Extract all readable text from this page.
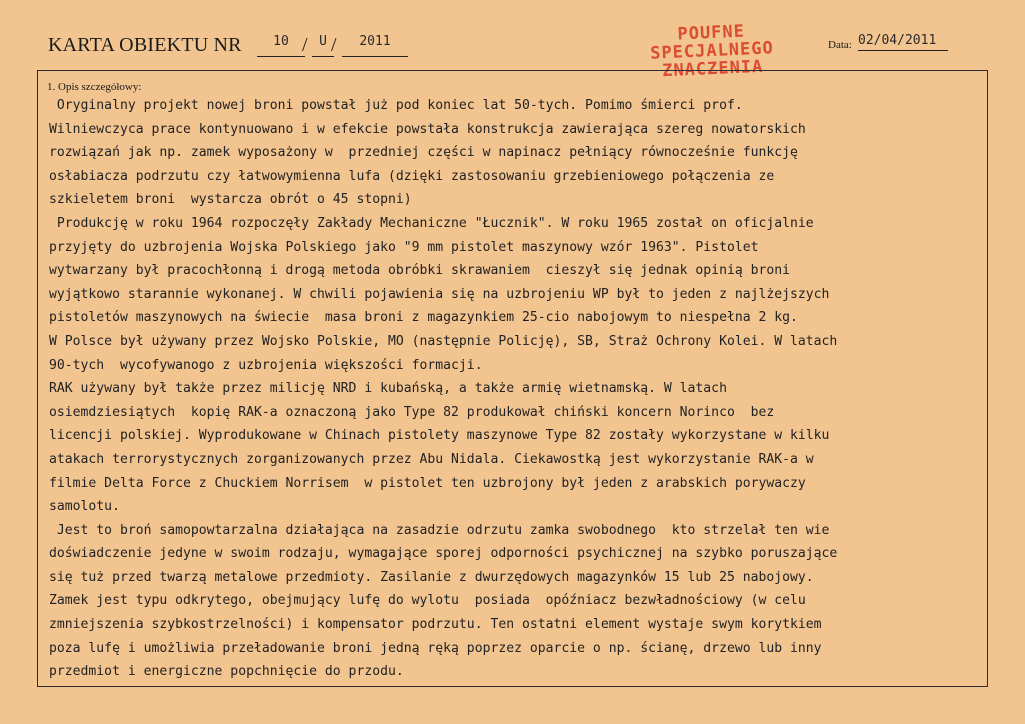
KARTA OBIEKTU NR	10 / U /	2011	POUFNE
SPECJALNEGO
ZNACZENIA
Data: 02/04/2011
1. Opis szczegółowy:
Oryginalny projekt nowej broni powstał już pod koniec lat 50-tych. Pomimo śmierci prof.
Wilniewczyca prace kontynuowano i w efekcie powstała konstrukcja zawierająca szereg nowatorskich
rozwiązań jak np. zamek wyposażony w  przedniej części w napinacz pełniący równocześnie funkcję
osłabiacza podrzutu czy łatwowymienna lufa (dzięki zastosowaniu grzebieniowego połączenia ze
szkieletem broni  wystarcza obrót o 45 stopni)
Produkcję w roku 1964 rozpoczęły Zakłady Mechaniczne "Łucznik". W roku 1965 został on oficjalnie
przyjęty do uzbrojenia Wojska Polskiego jako "9 mm pistolet maszynowy wzór 1963". Pistolet
wytwarzany był pracochłonną i drogą metoda obróbki skrawaniem  cieszył się jednak opinią broni
wyjątkowo starannie wykonanej. W chwili pojawienia się na uzbrojeniu WP był to jeden z najlżejszych
pistoletów maszynowych na świecie  masa broni z magazynkiem 25-cio nabojowym to niespełna 2 kg.
W Polsce był używany przez Wojsko Polskie, MO (następnie Policję), SB, Straż Ochrony Kolei. W latach
90-tych  wycofywanogo z uzbrojenia większości formacji.
RAK używany był także przez milicję NRD i kubańską, a także armię wietnamską. W latach
osiemdziesiątych  kopię RAK-a oznaczoną jako Type 82 produkował chiński koncern Norinco  bez
licencji polskiej. Wyprodukowane w Chinach pistolety maszynowe Type 82 zostały wykorzystane w kilku
atakach terrorystycznych zorganizowanych przez Abu Nidala. Ciekawostką jest wykorzystanie RAK-a w
filmie Delta Force z Chuckiem Norrisem  w pistolet ten uzbrojony był jeden z arabskich porywaczy
samolotu.
Jest to broń samopowtarzalna działająca na zasadzie odrzutu zamka swobodnego  kto strzelał ten wie
doświadczenie jedyne w swoim rodzaju, wymagające sporej odporności psychicznej na szybko poruszające
się tuż przed twarzą metalowe przedmioty. Zasilanie z dwurzędowych magazynków 15 lub 25 nabojowy.
Zamek jest typu odkrytego, obejmujący lufę do wylotu  posiada  opóźniacz bezwładnościowy (w celu
zmniejszenia szybkostrzelności) i kompensator podrzutu. Ten ostatni element wystaje swym korytkiem
poza lufę i umożliwia przeładowanie broni jedną ręką poprzez oparcie o np. ścianę, drzewo lub inny
przedmiot i energiczne popchnięcie do przodu.
